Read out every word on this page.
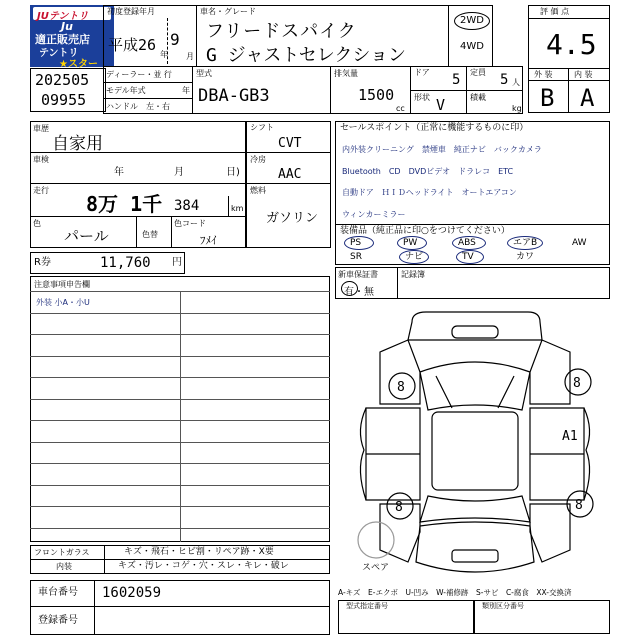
JUテントリ
Ju
適正販売店
テントリ
★スター
202505
09955
初度登録年月
平成26
年
9
月
車名・グレード
フリードスパイク
G ジャストセレクション
2WD
4WD
評 価 点
4.5
外 装	内 装
B A
ディーラー・並 行
モデル年式	年
ハンドル　左・右
型式
DBA-GB3
排気量
1500
cc
ドア 5 定員 5 人
形状 V	積載
kg
車歴
自家用
車検
年	月	日)
走行
8万 1千 384	km
色
パール	色替
色コード
ﾌﾒｲ
シフト
CVT
冷房
AAC
燃料
ガソリン
R券	11,760 円
セールスポイント（正常に機能するものに印）
内外装クリーニング　禁煙車　純正ナビ　バックカメラ
Bluetooth　CD　DVDビデオ　ドラレコ　ETC
自動ドア　ＨＩＤヘッドライト　オートエアコン
ウィンカーミラー
装備品（純正品に印○をつけてください）
PS	PW	ABS	エアB	AW
SR	ナビ	TV	カワ
新車保証書
有・無
記録簿
注意事項申告欄
外装 小A・小U
8	8
8	8
A1
スペア
フロントガラス	キズ・飛石・ヒビ割・リペア跡・X要
内装	キズ・汚レ・コゲ・穴・スレ・キレ・破レ
A-キズ　E-エクボ　U-凹み　W-補修跡　S-サビ　C-腐食　XX-交換済
車台番号 1602059
登録番号
型式指定番号	類別区分番号
